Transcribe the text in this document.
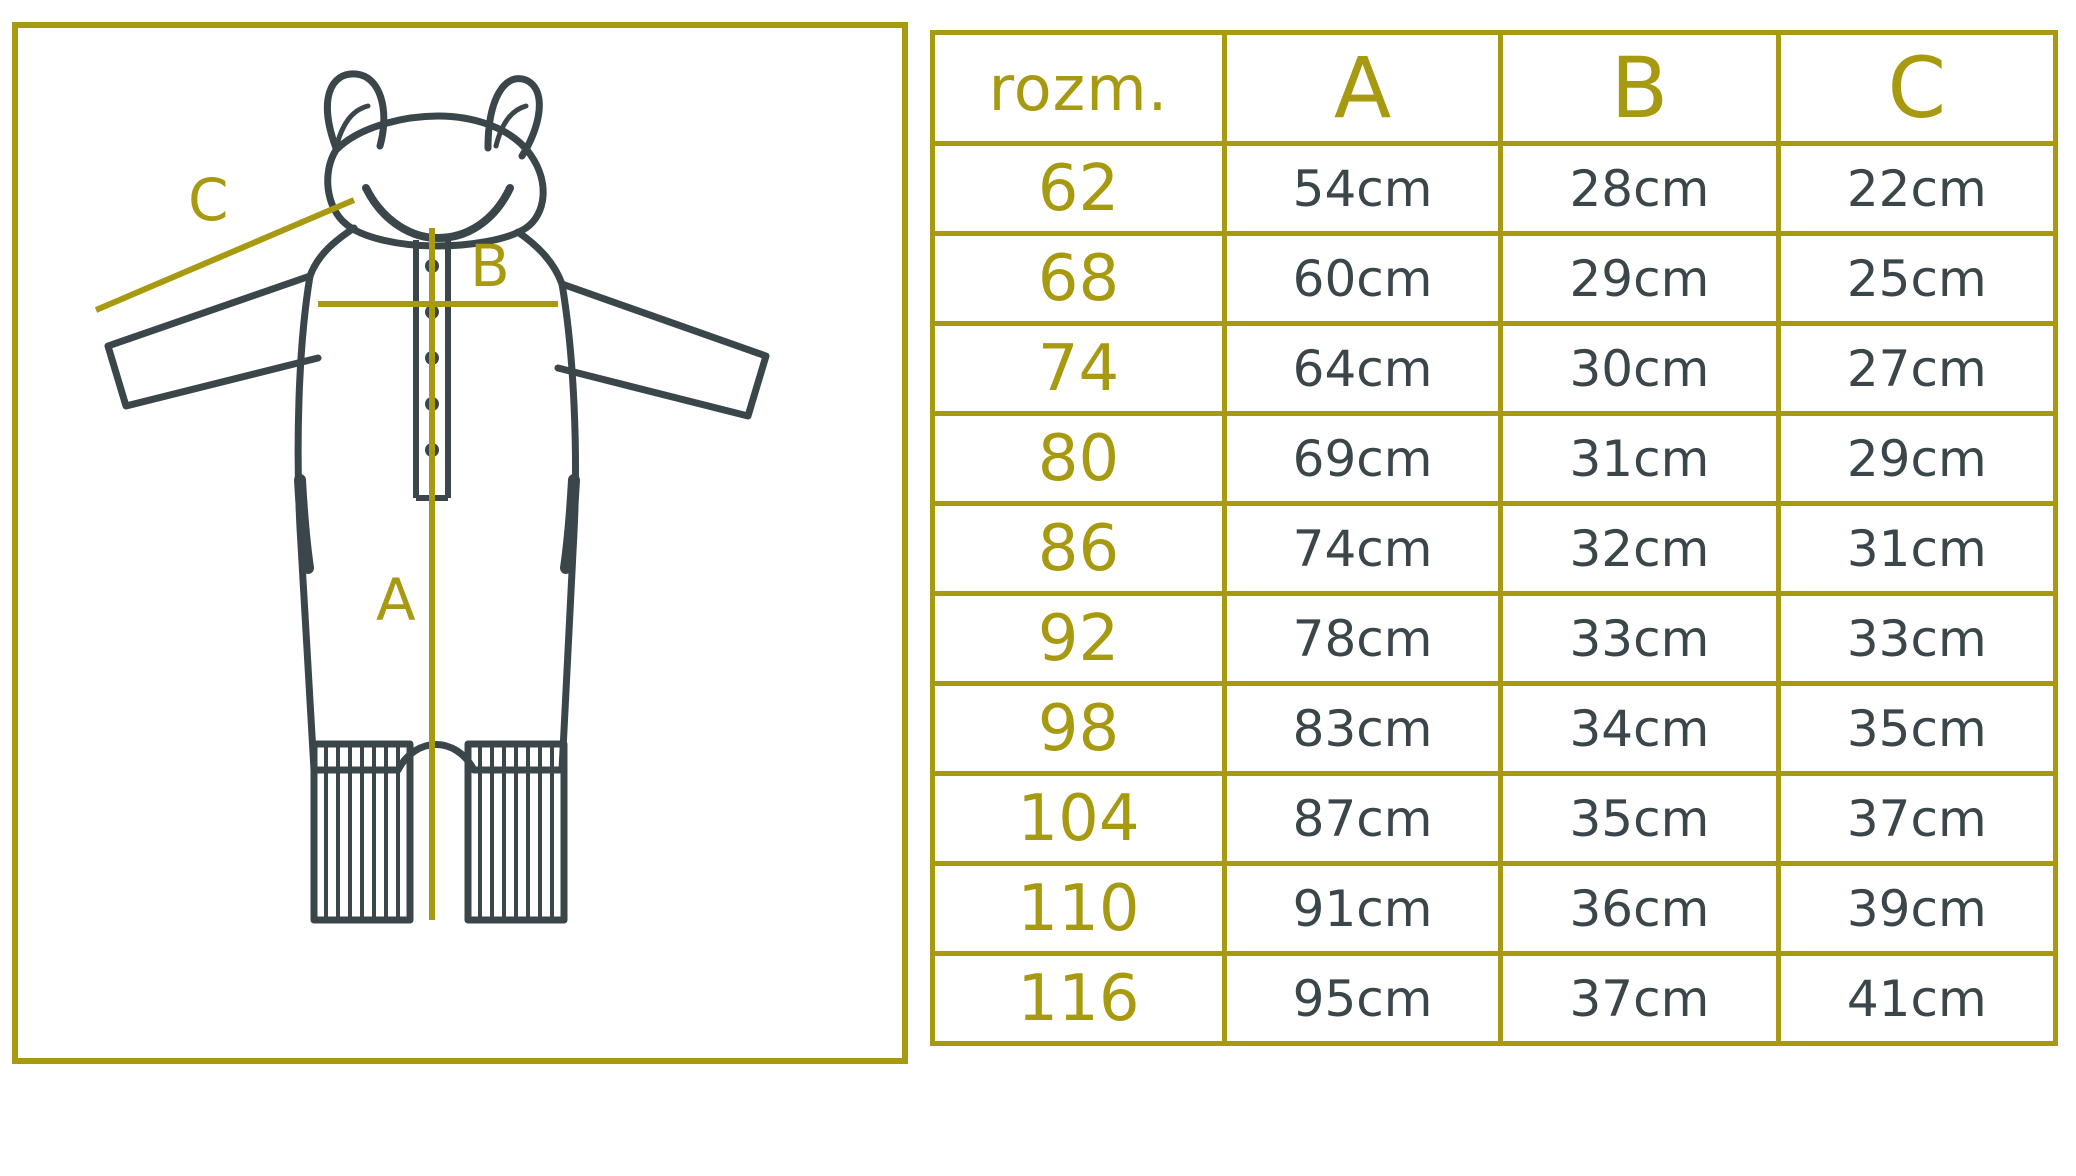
C
B
A
rozm.	A	B	C
62	54cm	28cm	22cm
68	60cm	29cm	25cm
74	64cm	30cm	27cm
80	69cm	31cm	29cm
86	74cm	32cm	31cm
92	78cm	33cm	33cm
98	83cm	34cm	35cm
104	87cm	35cm	37cm
110	91cm	36cm	39cm
116	95cm	37cm	41cm
